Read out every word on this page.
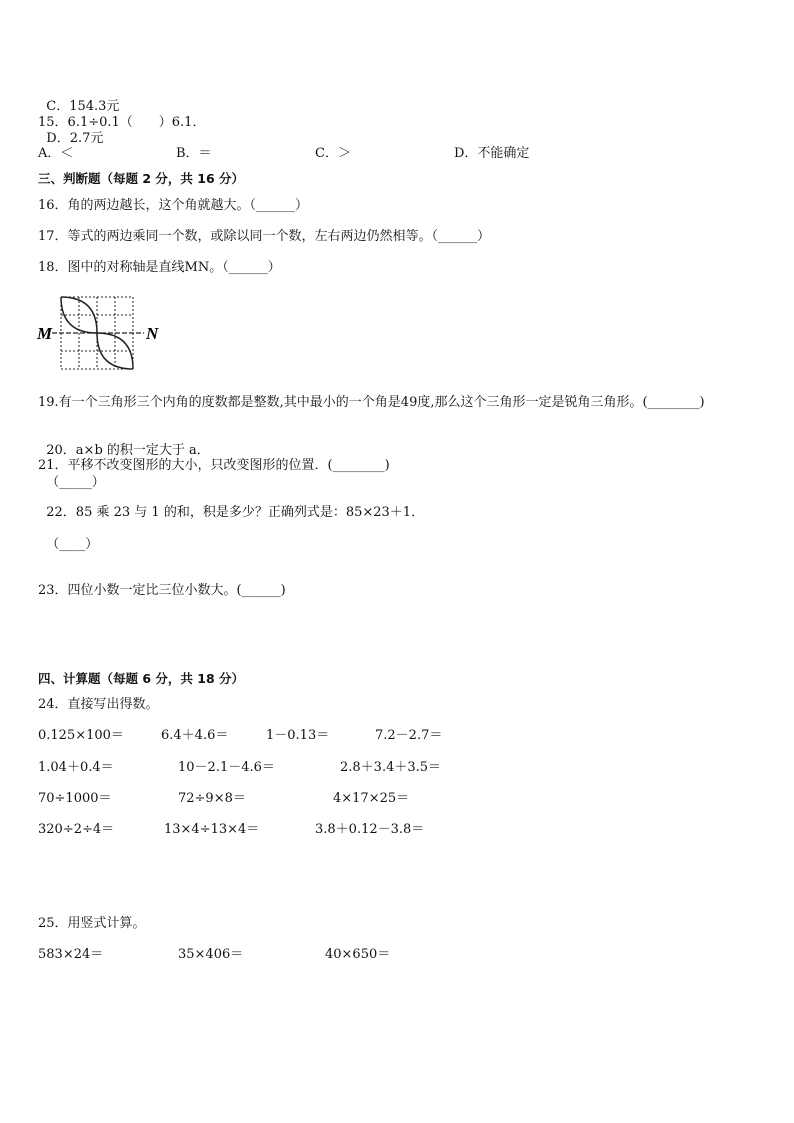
C．154.3元

D．2.7元

15．6.1÷0.1（　　）6.1．
A．＜	B．＝	C．＞	D．不能确定
三、判断题（每题 2 分，共 16 分）
16．角的两边越长，这个角就越大。（______）
17．等式的两边乘同一个数，或除以同一个数，左右两边仍然相等。（______）
18．图中的对称轴是直线MN。（______）
M	N
19.有一个三角形三个内角的度数都是整数,其中最小的一个角是49度,那么这个三角形一定是锐角三角形。(________)

20．a×b 的积一定大于 a．

（_____）

21．平移不改变图形的大小，只改变图形的位置．(________)

22．85 乘 23 与 1 的和，积是多少？正确列式是：85×23＋1．

（____）

23．四位小数一定比三位小数大。(______)
四、计算题（每题 6 分，共 18 分）
24．直接写出得数。
0.125×100＝	6.4＋4.6＝	1－0.13＝	7.2－2.7＝
1.04＋0.4＝	10－2.1－4.6＝	2.8＋3.4＋3.5＝
70÷1000＝	72÷9×8＝	4×17×25＝
320÷2÷4＝	13×4÷13×4＝	3.8＋0.12－3.8＝
25．用竖式计算。
583×24＝	35×406＝	40×650＝
